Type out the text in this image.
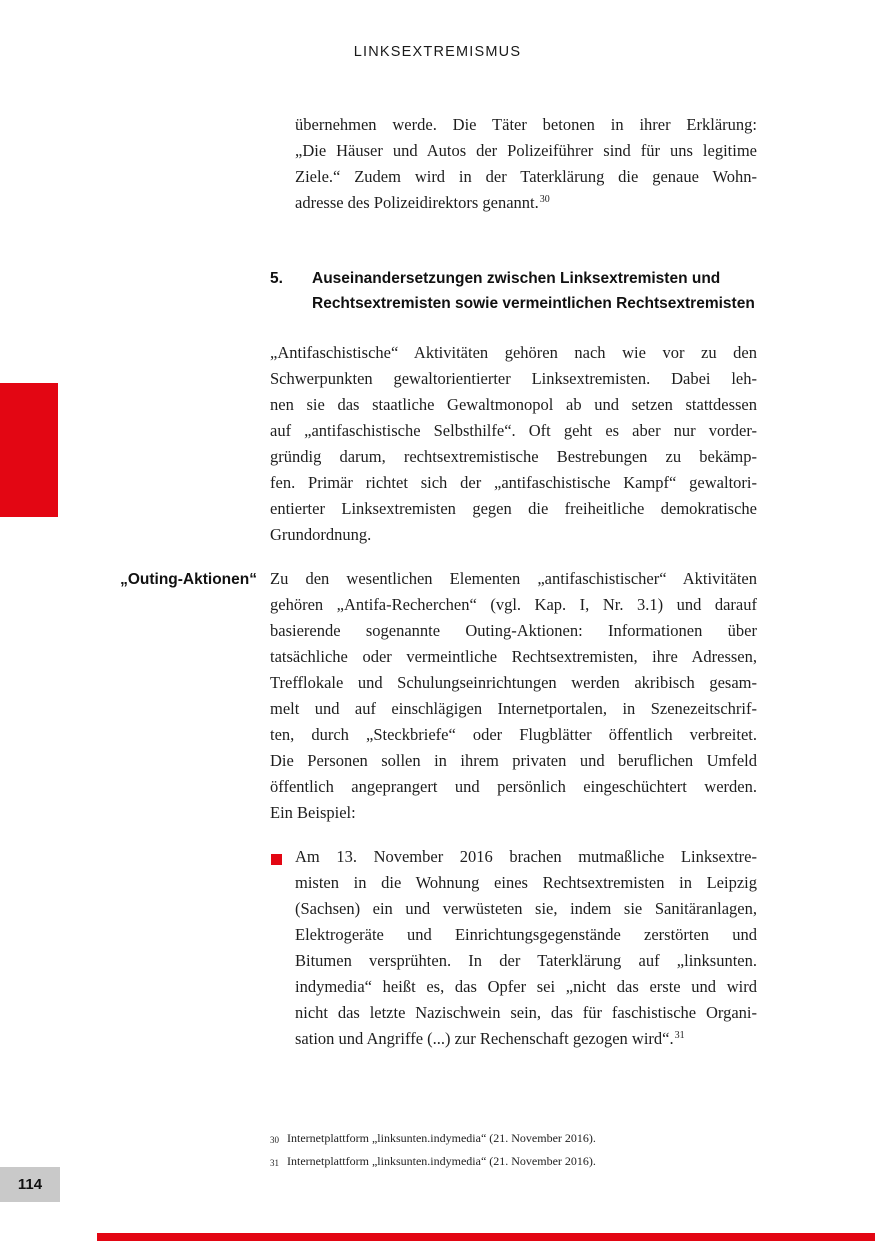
LINKSEXTREMISMUS
übernehmen werde. Die Täter betonen in ihrer Erklärung:
„Die Häuser und Autos der Polizeiführer sind für uns legitime
Ziele.“ Zudem wird in der Taterklärung die genaue Wohn-
adresse des Polizeidirektors genannt.$^{30}$
5.	Auseinandersetzungen zwischen Linksextremisten und
Rechtsextremisten sowie vermeintlichen Rechtsextremisten
„Antifaschistische“ Aktivitäten gehören nach wie vor zu den
Schwerpunkten gewaltorientierter Linksextremisten. Dabei leh-
nen sie das staatliche Gewaltmonopol ab und setzen stattdessen
auf „antifaschistische Selbsthilfe“. Oft geht es aber nur vorder-
gründig darum, rechtsextremistische Bestrebungen zu bekämp-
fen. Primär richtet sich der „antifaschistische Kampf“ gewaltori-
entierter Linksextremisten gegen die freiheitliche demokratische
Grundordnung.
„Outing-Aktionen“ Zu den wesentlichen Elementen „antifaschistischer“ Aktivitäten
gehören „Antifa-Recherchen“ (vgl. Kap. I, Nr. 3.1) und darauf
basierende sogenannte Outing-Aktionen: Informationen über
tatsächliche oder vermeintliche Rechtsextremisten, ihre Adressen,
Trefflokale und Schulungseinrichtungen werden akribisch gesam-
melt und auf einschlägigen Internetportalen, in Szenezeitschrif-
ten, durch „Steckbriefe“ oder Flugblätter öffentlich verbreitet.
Die Personen sollen in ihrem privaten und beruflichen Umfeld
öffentlich angeprangert und persönlich eingeschüchtert werden.
Ein Beispiel:
Am 13. November 2016 brachen mutmaßliche Linksextre-
misten in die Wohnung eines Rechtsextremisten in Leipzig
(Sachsen) ein und verwüsteten sie, indem sie Sanitäranlagen,
Elektrogeräte und Einrichtungsgegenstände zerstörten und
Bitumen versprühten. In der Taterklärung auf „linksunten.
indymedia“ heißt es, das Opfer sei „nicht das erste und wird
nicht das letzte Nazischwein sein, das für faschistische Organi-
sation und Angriffe (...) zur Rechenschaft gezogen wird“.$^{31}$
30 Internetplattform „linksunten.indymedia“ (21. November 2016).
31 Internetplattform „linksunten.indymedia“ (21. November 2016).
114
